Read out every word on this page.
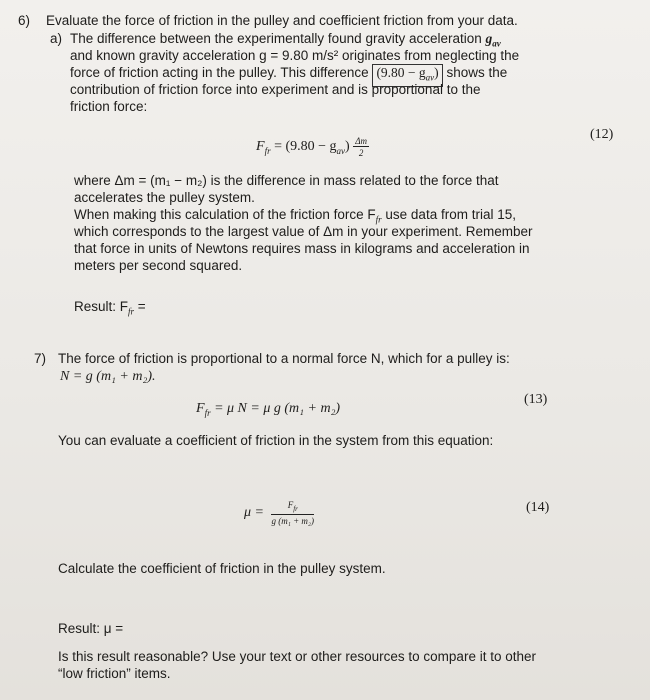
6) Evaluate the force of friction in the pulley and coefficient friction from your data.
a) The difference between the experimentally found gravity acceleration $g_{av}$
and known gravity acceleration g = 9.80 m/s² originates from neglecting the
force of friction acting in the pulley. This difference $(9.80 - g_{av})$ shows the
contribution of friction force into experiment and is proportional to the
friction force:
$F_{fr} = (9.80 - g_{av}) \frac{\Delta m}{2}$
(12)
where Δm = (m₁ − m₂) is the difference in mass related to the force that
accelerates the pulley system.
When making this calculation of the friction force $F_{fr}$ use data from trial 15,
which corresponds to the largest value of Δm in your experiment. Remember
that force in units of Newtons requires mass in kilograms and acceleration in
meters per second squared.
Result: $F_{fr}$ =
7) The force of friction is proportional to a normal force N, which for a pulley is:
N = g (m₁ + m₂).
$F_{fr} = \mu$ N = μ g (m₁ + m₂)
(13)
You can evaluate a coefficient of friction in the system from this equation:
$\mu = \frac{F_{fr}}{\text{g (m₁ + m₂)}}$	(14)
Calculate the coefficient of friction in the pulley system.
Result: μ =
Is this result reasonable? Use your text or other resources to compare it to other
“low friction” items.
